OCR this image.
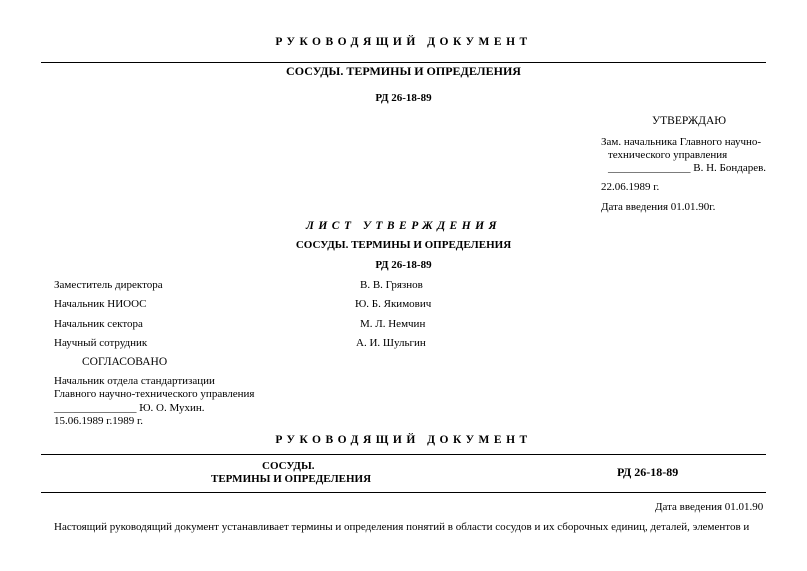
РУКОВОДЯЩИЙ ДОКУМЕНТ
СОСУДЫ. ТЕРМИНЫ И ОПРЕДЕЛЕНИЯ
РД 26-18-89
УТВЕРЖДАЮ
Зам. начальника Главного научно-
технического управления
_______________ В. Н. Бондарев.
22.06.1989 г.
Дата введения 01.01.90г.
ЛИСТ УТВЕРЖДЕНИЯ
СОСУДЫ. ТЕРМИНЫ И ОПРЕДЕЛЕНИЯ
РД 26-18-89
Заместитель директора	В. В. Грязнов
Начальник НИООС	Ю. Б. Якимович
Начальник сектора	М. Л. Немчин
Научный сотрудник	А. И. Шульгин
СОГЛАСОВАНО
Начальник отдела стандартизации
Главного научно-технического управления
_______________ Ю. О. Мухин.
15.06.1989 г.1989 г.
РУКОВОДЯЩИЙ ДОКУМЕНТ
СОСУДЫ.
ТЕРМИНЫ И ОПРЕДЕЛЕНИЯ	РД 26-18-89
Дата введения 01.01.90
Настоящий руководящий документ устанавливает термины и определения понятий в области сосудов и их сборочных единиц, деталей, элементов и
